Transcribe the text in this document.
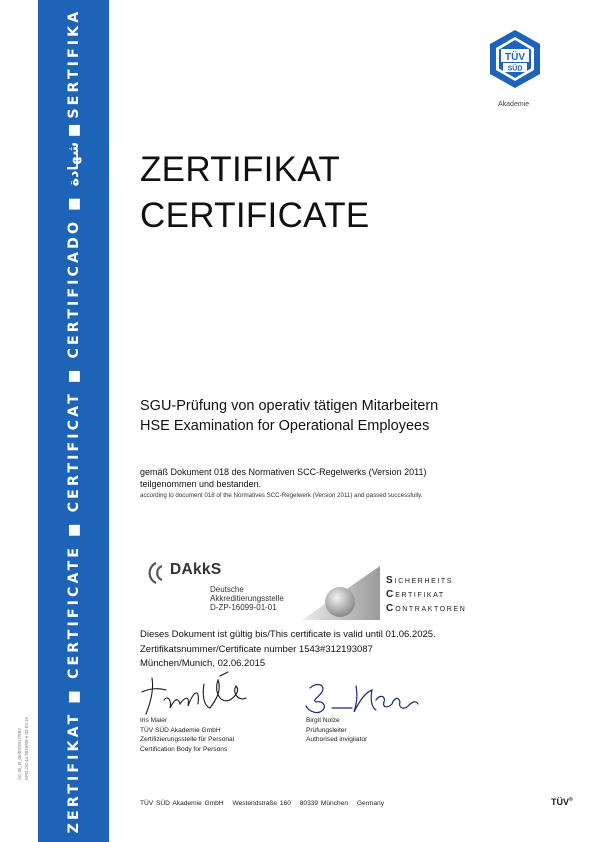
ZERTIFIKAT ■ CERTIFICATE ■ CERTIFICAT ■ CERTIFICADO ■ شهادة ■ SERTIFIKA
AC 05_B_05/03/2017/892 KPD.Ort.4a 2015/09 e 03.03.15
TÜV
SÜD
Akademie
ZERTIFIKAT
CERTIFICATE
SGU-Prüfung von operativ tätigen Mitarbeitern
HSE Examination for Operational Employees
gemäß Dokument 018 des Normativen SCC-Regelwerks (Version 2011)
teilgenommen und bestanden.
according to document 018 of the Normatives SCC-Regelwerk (Version 2011) and passed successfully.
DAkkS
Deutsche
Akkreditierungsstelle
D-ZP-16099-01-01
S ICHERHEITS
C ERTIFIKAT
C ONTRAKTOREN
Dieses Dokument ist gültig bis/This certificate is valid until 01.06.2025.
Zertifikatsnummer/Certificate number 1543#312193087
München/Munich, 02.06.2015
Iris Maier
TÜV SÜD Akademie GmbH
Zertifizierungsstelle für Personal
Certification Body for Persons
Birgit Nolze
Prüfungsleiter
Authorised invigilator
TÜV SÜD Akademie GmbH Westendstraße 160 80339 München Germany	TÜV®
